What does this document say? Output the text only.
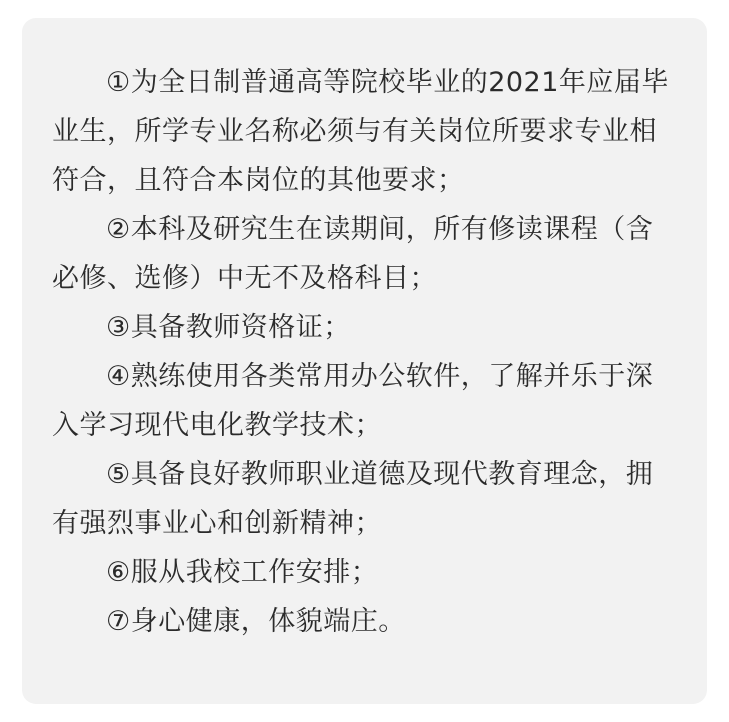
①为全日制普通高等院校毕业的2021年应届毕业生，所学专业名称必须与有关岗位所要求专业相符合，且符合本岗位的其他要求；

②本科及研究生在读期间，所有修读课程（含必修、选修）中无不及格科目；

③具备教师资格证；

④熟练使用各类常用办公软件，了解并乐于深入学习现代电化教学技术；

⑤具备良好教师职业道德及现代教育理念，拥有强烈事业心和创新精神；

⑥服从我校工作安排；

⑦身心健康，体貌端庄。
